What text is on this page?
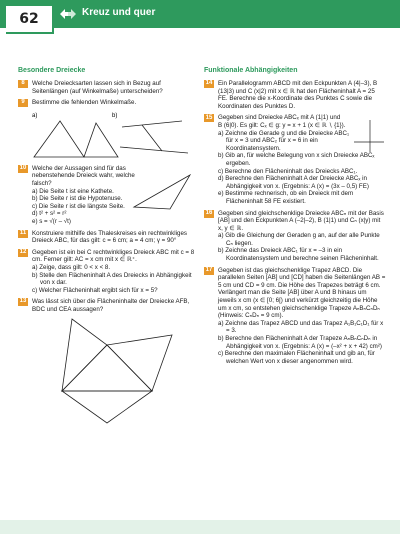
62	Kreuz und quer
Besondere Dreiecke	Funktionale Abhängigkeiten
8	Welche Dreiecksarten lassen sich in Bezug auf Seitenlängen (auf Winkelmaße) unterscheiden?
9	Bestimme die fehlenden Winkelmaße.
a)	b)
10 Welche der Aussagen sind für das nebenstehende Dreieck wahr, welche falsch?
a) Die Seite t ist eine Kathete.
b) Die Seite r ist die Hypotenuse.
c) Die Seite r ist die längste Seite.
d) t² + s² = r²
e) s = √(r – √t)
11 Konstruiere mithilfe des Thaleskreises ein rechtwinkliges Dreieck ABC, für das gilt: c = 6 cm; a = 4 cm; γ = 90°
12 Gegeben ist ein bei C rechtwinkliges Dreieck ABC mit c = 8 cm. Ferner gilt: AC = x cm mit x ∈ ℝ⁺.
a) Zeige, dass gilt: 0 < x < 8.
b) Stelle den Flächeninhalt A des Dreiecks in Abhängigkeit von x dar.
c) Welcher Flächeninhalt ergibt sich für x = 5?
13 Was lässt sich über die Flächeninhalte der Dreiecke AFB, BDC und CEA aussagen?
14 Ein Parallelogramm ABCD mit den Eckpunkten A (4|–3), B (13|3) und C (x|2) mit x ∈ ℝ hat den Flächeninhalt A = 25 FE. Berechne die x-Koordinate des Punktes C sowie die Koordinaten des Punktes D.
15 Gegeben sind Dreiecke ABCₓ mit A (1|1) und B (6|0). Es gilt: Cₓ ∈ g: y = x + 1 (x ∈ ℝ ∖ {1}).
a) Zeichne die Gerade g und die Dreiecke ABC₁ für x = 3 und ABC₂ für x = 6 in ein Koordinatensystem.
b) Gib an, für welche Belegung von x sich Dreiecke ABCₓ ergeben.
c) Berechne den Flächeninhalt des Dreiecks ABC₁.
d) Berechne den Flächeninhalt A der Dreiecke ABCₓ in Abhängigkeit von x. (Ergebnis: A (x) = (3x – 0,5) FE)
e) Bestimme rechnerisch, ob ein Dreieck mit dem Flächeninhalt 58 FE existiert.
16 Gegeben sind gleichschenklige Dreiecke ABCₙ mit der Basis [AB] und den Eckpunkten A (–2|–2), B (1|1) und Cₙ (x|y) mit x, y ∈ ℝ.
a) Gib die Gleichung der Geraden g an, auf der alle Punkte Cₙ liegen.
b) Zeichne das Dreieck ABC₁ für x = –3 in ein Koordinatensystem und berechne seinen Flächeninhalt.
17 Gegeben ist das gleichschenklige Trapez ABCD. Die parallelen Seiten [AB] und [CD] haben die Seitenlängen AB = 5 cm und CD = 9 cm. Die Höhe des Trapezes beträgt 6 cm. Verlängert man die Seite [AB] über A und B hinaus um jeweils x cm (x ∈ [0; 6[) und verkürzt gleichzeitig die Höhe um x cm, so entstehen gleichschenklige Trapeze AₙBₙCₙDₙ (Hinweis: CₙDₙ = 9 cm).
a) Zeichne das Trapez ABCD und das Trapez A₁B₁C₁D₁ für x = 3.
b) Berechne den Flächeninhalt A der Trapeze AₙBₙCₙDₙ in Abhängigkeit von x. (Ergebnis: A (x) = (–x² + x + 42) cm²)
c) Berechne den maximalen Flächeninhalt und gib an, für welchen Wert von x dieser angenommen wird.
